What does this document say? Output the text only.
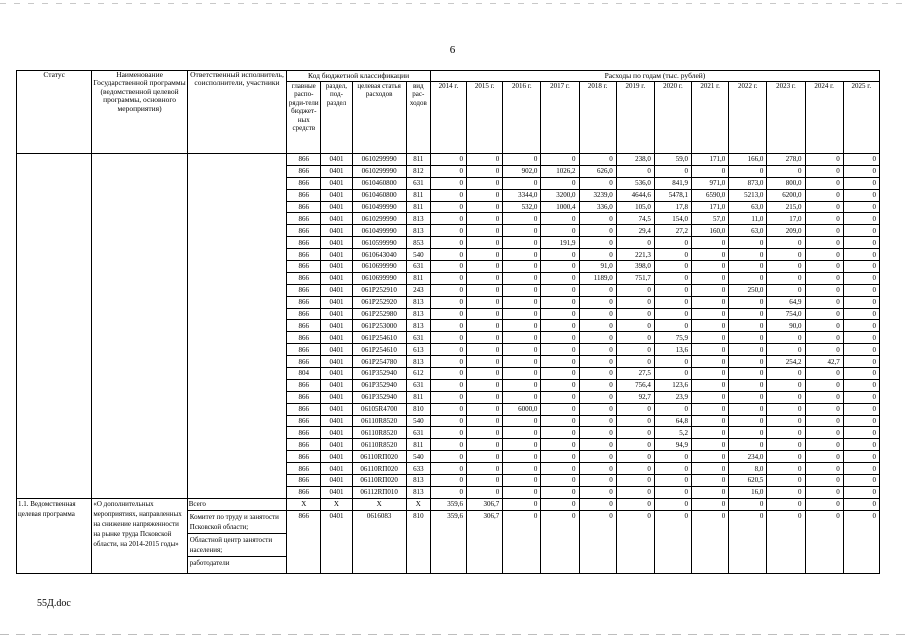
6
Статус	Наименование Государственной программы (ведомственной целевой программы, основного мероприятия)	Ответственный исполнитель, соисполнители, участники	Код бюджетной классификации				Расходы по годам (тыс. рублей)											
			главные распо-ряди-тели бюджет-ных средств	раздел, под-раздел	целевая статья расходов	вид рас-ходов	2014 г.	2015 г.	2016 г.	2017 г.	2018 г.	2019 г.	2020 г.	2021 г.	2022 г.	2023 г.	2024 г.	2025 г.
			866	0401	0610299990	811	0	0	0	0	0	238,0	59,0	171,0	166,0	278,0	0	0
			866	0401	0610299990	812	0	0	902,0	1026,2	626,0	0	0	0	0	0	0	0
			866	0401	0610460800	631	0	0	0	0	0	536,0	841,9	971,0	873,0	800,0	0	0
			866	0401	0610460800	811	0	0	3344,0	3200,0	3239,0	4644,6	5478,1	6590,0	5213,0	6200,0	0	0
			866	0401	0610499990	811	0	0	532,0	1000,4	336,0	105,0	17,8	171,0	63,0	215,0	0	0
			866	0401	0610299990	813	0	0	0	0	0	74,5	154,0	57,0	11,0	17,0	0	0
			866	0401	0610499990	813	0	0	0	0	0	29,4	27,2	160,0	63,0	209,0	0	0
			866	0401	0610599990	853	0	0	0	191,9	0	0	0	0	0	0	0	0
			866	0401	0610643040	540	0	0	0	0	0	221,3	0	0	0	0	0	0
			866	0401	0610699990	631	0	0	0	0	91,0	398,0	0	0	0	0	0	0
			866	0401	0610699990	811	0	0	0	0	1189,0	751,7	0	0	0	0	0	0
			866	0401	061P252910	243	0	0	0	0	0	0	0	0	250,0	0	0	0
			866	0401	061P252920	813	0	0	0	0	0	0	0	0	0	64,9	0	0
			866	0401	061P252980	813	0	0	0	0	0	0	0	0	0	754,0	0	0
			866	0401	061P253000	813	0	0	0	0	0	0	0	0	0	90,0	0	0
			866	0401	061P254610	631	0	0	0	0	0	0	75,9	0	0	0	0	0
			866	0401	061P254610	613	0	0	0	0	0	0	13,6	0	0	0	0	0
			866	0401	061P254780	813	0	0	0	0	0	0	0	0	0	254,2	42,7	0
			804	0401	061P352940	612	0	0	0	0	0	27,5	0	0	0	0	0	0
			866	0401	061P352940	631	0	0	0	0	0	756,4	123,6	0	0	0	0	0
			866	0401	061P352940	811	0	0	0	0	0	92,7	23,9	0	0	0	0	0
			866	0401	06105R4700	810	0	0	6000,0	0	0	0	0	0	0	0	0	0
			866	0401	06110R8520	540	0	0	0	0	0	0	64,8	0	0	0	0	0
			866	0401	06110R8520	631	0	0	0	0	0	0	5,2	0	0	0	0	0
			866	0401	06110R8520	811	0	0	0	0	0	0	94,9	0	0	0	0	0
			866	0401	06110RП020	540	0	0	0	0	0	0	0	0	234,0	0	0	0
			866	0401	06110RП020	633	0	0	0	0	0	0	0	0	8,0	0	0	0
			866	0401	06110RП020	813	0	0	0	0	0	0	0	0	620,5	0	0	0
			866	0401	06112RП010	813	0	0	0	0	0	0	0	0	16,0	0	0	0
1.1. Ведомственная целевая программа	«О дополнительных мероприятиях, направленных на снижение напряженности на рынке труда Псковской области, на 2014-2015 годы»	Всего	X	X	X	X	359,6	306,7	0	0	0	0	0	0	0	0	0	0

		Комитет по труду и занятости Псковской области;
Областной центр занятости населения;
работодатели	866	0401	0616083	810	359,6	306,7	0	0	0	0	0	0	0	0	0	0
55Д.doc
